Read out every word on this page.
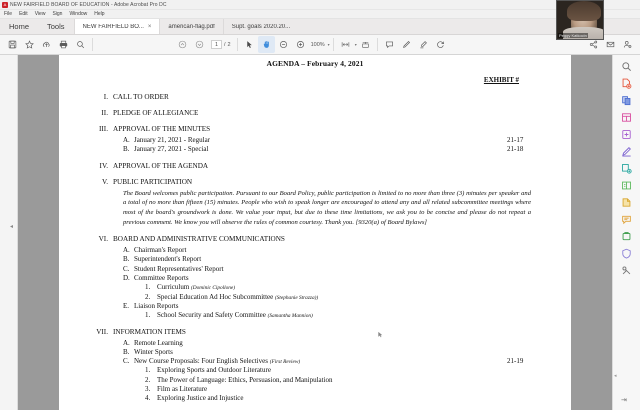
A NEW FAIRFIELD BOARD OF EDUCATION - Adobe Acrobat Pro DC
File Edit View Sign Window Help
Home	Tools	NEW FAIRFIELD BO... ×	american-flag.pdf	Supt. goals 2020.20...
1	/ 2	100% ▾	▾
Peggy Katkocin
◂
AGENDA – February 4, 2021
EXHIBIT #
I. CALL TO ORDER
II. PLEDGE OF ALLEGIANCE
III. APPROVAL OF THE MINUTES
A. January 21, 2021 - Regular	21-17
B. January 27, 2021 - Special	21-18
IV. APPROVAL OF THE AGENDA
V. PUBLIC PARTICIPATION
The Board welcomes public participation. Pursuant to our Board Policy, public participation is limited to no more than three (3) minutes per speaker and a total of no more than fifteen (15) minutes. People who wish to speak longer are encouraged to attend any and all related subcommittee meetings where most of the board's groundwork is done. We value your input, but due to these time limitations, we ask you to be concise and please do not repeat a previous comment. We know you will observe the rules of common courtesy. Thank you. [9320(a) of Board Bylaws]
VI. BOARD AND ADMINISTRATIVE COMMUNICATIONS
A. Chairman's Report
B. Superintendent's Report
C. Student Representatives' Report
D. Committee Reports
1. Curriculum (Dominic Cipollone)
2. Special Education Ad Hoc Subcommittee (Stephanie Strazza))
E. Liaison Reports
1. School Security and Safety Committee (Samantha Mannion)
VII. INFORMATION ITEMS
A. Remote Learning
B. Winter Sports
C. New Course Proposals: Four English Selectives (First Review)	21-19
1. Exploring Sports and Outdoor Literature
2. The Power of Language: Ethics, Persuasion, and Manipulation
3. Film as Literature
4. Exploring Justice and Injustice
◂
⇥
